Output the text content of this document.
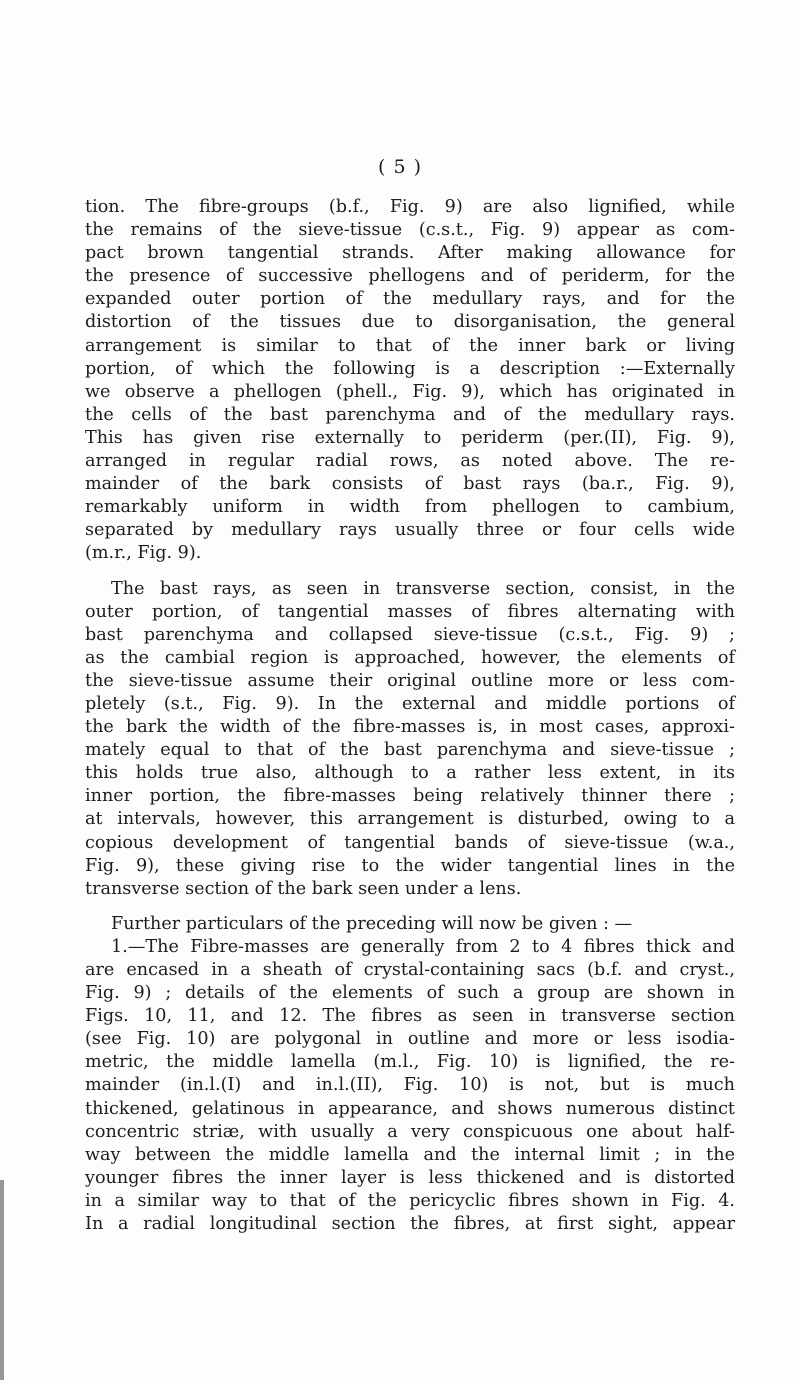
( 5 )
tion. The fibre-groups (b.f., Fig. 9) are also lignified, while
the remains of the sieve-tissue (c.s.t., Fig. 9) appear as com-
pact brown tangential strands. After making allowance for
the presence of successive phellogens and of periderm, for the
expanded outer portion of the medullary rays, and for the
distortion of the tissues due to disorganisation, the general
arrangement is similar to that of the inner bark or living
portion, of which the following is a description :—Externally
we observe a phellogen (phell., Fig. 9), which has originated in
the cells of the bast parenchyma and of the medullary rays.
This has given rise externally to periderm (per.(II), Fig. 9),
arranged in regular radial rows, as noted above. The re-
mainder of the bark consists of bast rays (ba.r., Fig. 9),
remarkably uniform in width from phellogen to cambium,
separated by medullary rays usually three or four cells wide
(m.r., Fig. 9).
The bast rays, as seen in transverse section, consist, in the
outer portion, of tangential masses of fibres alternating with
bast parenchyma and collapsed sieve-tissue (c.s.t., Fig. 9) ;
as the cambial region is approached, however, the elements of
the sieve-tissue assume their original outline more or less com-
pletely (s.t., Fig. 9). In the external and middle portions of
the bark the width of the fibre-masses is, in most cases, approxi-
mately equal to that of the bast parenchyma and sieve-tissue ;
this holds true also, although to a rather less extent, in its
inner portion, the fibre-masses being relatively thinner there ;
at intervals, however, this arrangement is disturbed, owing to a
copious development of tangential bands of sieve-tissue (w.a.,
Fig. 9), these giving rise to the wider tangential lines in the
transverse section of the bark seen under a lens.
Further particulars of the preceding will now be given : —
1.—The Fibre-masses are generally from 2 to 4 fibres thick and
are encased in a sheath of crystal-containing sacs (b.f. and cryst.,
Fig. 9) ; details of the elements of such a group are shown in
Figs. 10, 11, and 12. The fibres as seen in transverse section
(see Fig. 10) are polygonal in outline and more or less isodia-
metric, the middle lamella (m.l., Fig. 10) is lignified, the re-
mainder (in.l.(I) and in.l.(II), Fig. 10) is not, but is much
thickened, gelatinous in appearance, and shows numerous distinct
concentric striæ, with usually a very conspicuous one about half-
way between the middle lamella and the internal limit ; in the
younger fibres the inner layer is less thickened and is distorted
in a similar way to that of the pericyclic fibres shown in Fig. 4.
In a radial longitudinal section the fibres, at first sight, appear
